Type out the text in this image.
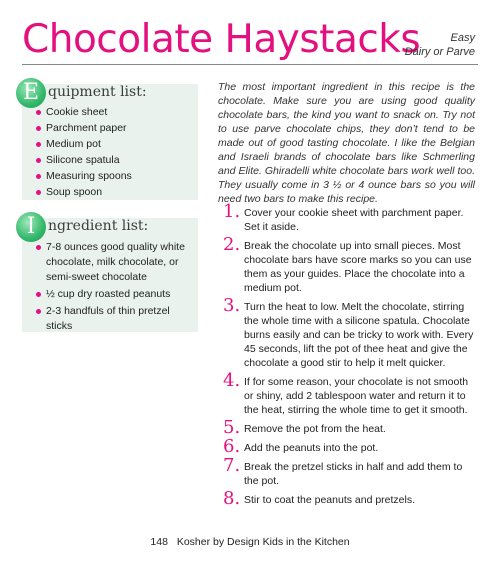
Chocolate Haystacks	Easy
Dairy or Parve
E quipment list:
Cookie sheet
Parchment paper
Medium pot
Silicone spatula
Measuring spoons
Soup spoon
I ngredient list:
7-8 ounces good quality white chocolate, milk chocolate, or semi-sweet chocolate
½ cup dry roasted peanuts
2-3 handfuls of thin pretzel sticks
The most important ingredient in this recipe is the chocolate. Make sure you are using good quality chocolate bars, the kind you want to snack on. Try not to use parve chocolate chips, they don’t tend to be made out of good tasting chocolate. I like the Belgian and Israeli brands of chocolate bars like Schmerling and Elite. Ghiradelli white chocolate bars work well too. They usually come in 3 ½ or 4 ounce bars so you will need two bars to make this recipe.
1. Cover your cookie sheet with parchment paper. Set it aside.
2. Break the chocolate up into small pieces. Most chocolate bars have score marks so you can use them as your guides. Place the chocolate into a medium pot.
3. Turn the heat to low. Melt the chocolate, stirring the whole time with a silicone spatula. Chocolate burns easily and can be tricky to work with. Every 45 seconds, lift the pot of thee heat and give the chocolate a good stir to help it melt quicker.
4. If for some reason, your chocolate is not smooth or shiny, add 2 tablespoon water and return it to the heat, stirring the whole time to get it smooth.
5. Remove the pot from the heat.
6. Add the peanuts into the pot.
7. Break the pretzel sticks in half and add them to the pot.
8. Stir to coat the peanuts and pretzels.
148 Kosher by Design Kids in the Kitchen
